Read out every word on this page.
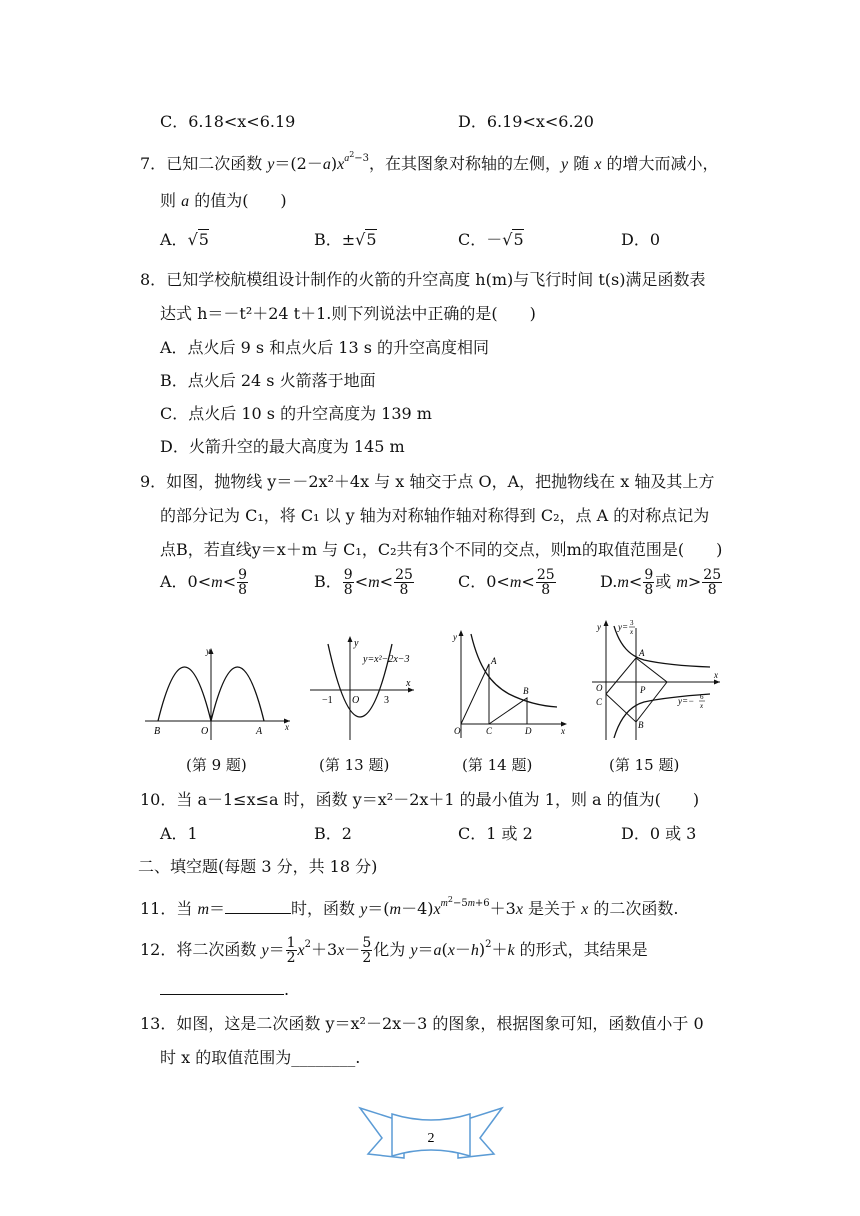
C．6.18<x<6.19	D．6.19<x<6.20
7．已知二次函数 $y=(2-a)x^{a^2-3}$，在其图象对称轴的左侧，y 随 x 的增大而减小，
则 a 的值为(　　)
A．√5	B．±√5	C．－√5	D．0
8．已知学校航模组设计制作的火箭的升空高度 h(m)与飞行时间 t(s)满足函数表
达式 h＝－t²＋24 t＋1.则下列说法中正确的是(　　)
A．点火后 9 s 和点火后 13 s 的升空高度相同
B．点火后 24 s 火箭落于地面
C．点火后 10 s 的升空高度为 139 m
D．火箭升空的最大高度为 145 m
9．如图，抛物线 y＝－2x²＋4x 与 x 轴交于点 O，A，把抛物线在 x 轴及其上方
的部分记为 C₁，将 C₁ 以 y 轴为对称轴作轴对称得到 C₂，点 A 的对称点记为
点B，若直线y＝x＋m 与 C₁，C₂共有3个不同的交点，则m的取值范围是(　　)
A．$0<m< \frac{9}{8}$	B． $\frac{9}{8} <m< \frac{25}{8}$	C．$0<m< \frac{25}{8}$	$D.m< \frac{9}{8}$ 或 $m> \frac{25}{8}$
x
y
B	O	A
x
y
y=x²−2x−3
−1 O 3
x
y
A
B
O	C	D
x
y y= 3
x
A
P
B
O
C	y=− 6
x
(第 9 题)	(第 13 题)	(第 14 题)	(第 15 题)
10．当 a－1≤x≤a 时，函数 y＝x²－2x＋1 的最小值为 1，则 a 的值为(　　)
A．1	B．2	C．1 或 2	D．0 或 3
二、填空题(每题 3 分，共 18 分)
11．当 m＝	时，函数 $y=(m-4)x^{m^2-5m+6}+3x$ 是关于 x 的二次函数.
12．将二次函数 $y= \frac{1}{2} x^2+3x- \frac{5}{2}$ 化为 $y=a(x-h)^2+k$ 的形式，其结果是
.
13．如图，这是二次函数 y＝x²－2x－3 的图象，根据图象可知，函数值小于 0
时 x 的取值范围为________.
2
